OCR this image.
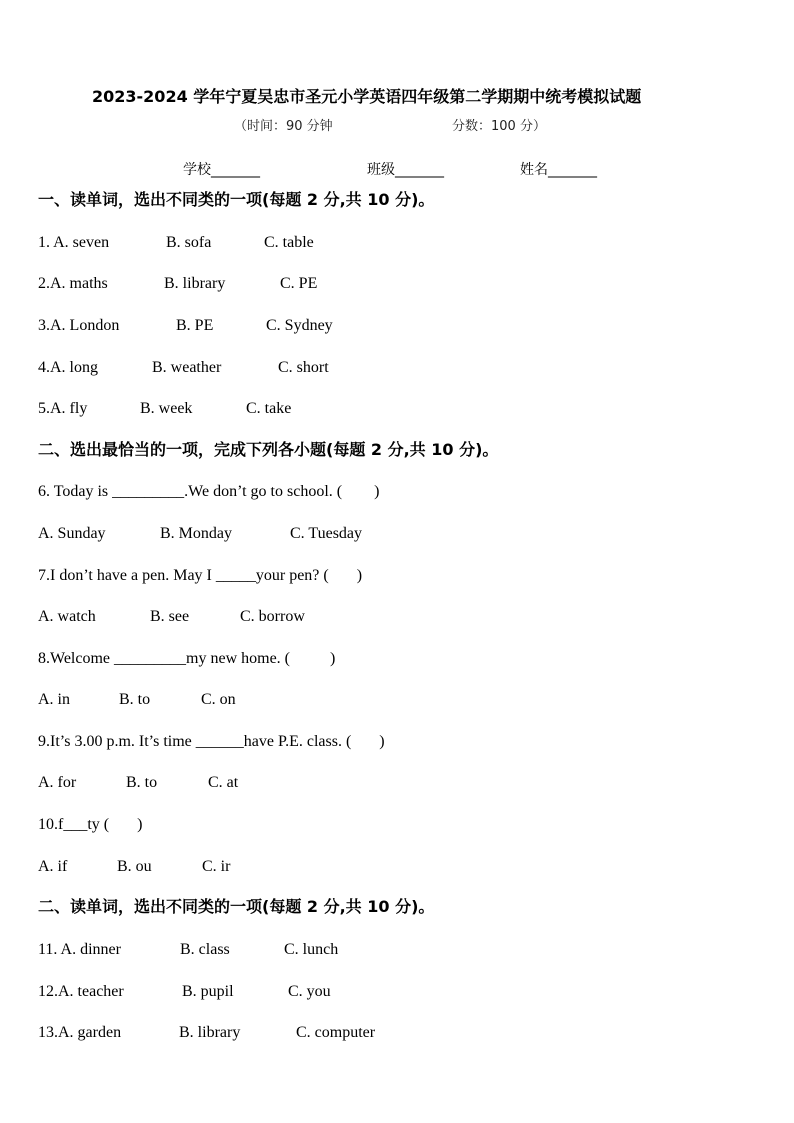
2023-2024 学年宁夏吴忠市圣元小学英语四年级第二学期期中统考模拟试题
（时间：90 分钟	分数：100 分）
学校_______	班级_______	姓名_______
一、读单词，选出不同类的一项(每题 2 分,共 10 分)。
1. A. seven	B. sofa	C. table
2.A. maths	B. library	C. PE
3.A. London	B. PE	C. Sydney
4.A. long	B. weather	C. short
5.A. fly	B. week	C. take
二、选出最恰当的一项，完成下列各小题(每题 2 分,共 10 分)。
6. Today is _________.We don’t go to school. (        )
A. Sunday	B. Monday	C. Tuesday
7.I don’t have a pen. May I _____your pen? (       )
A. watch	B. see	C. borrow
8.Welcome _________my new home. (          )
A. in	B. to	C. on
9.It’s 3.00 p.m. It’s time ______have P.E. class. (       )
A. for	B. to	C. at
10.f___ty (       )
A. if	B. ou	C. ir
二、读单词，选出不同类的一项(每题 2 分,共 10 分)。
11. A. dinner	B. class	C. lunch
12.A. teacher	B. pupil	C. you
13.A. garden	B. library	C. computer
